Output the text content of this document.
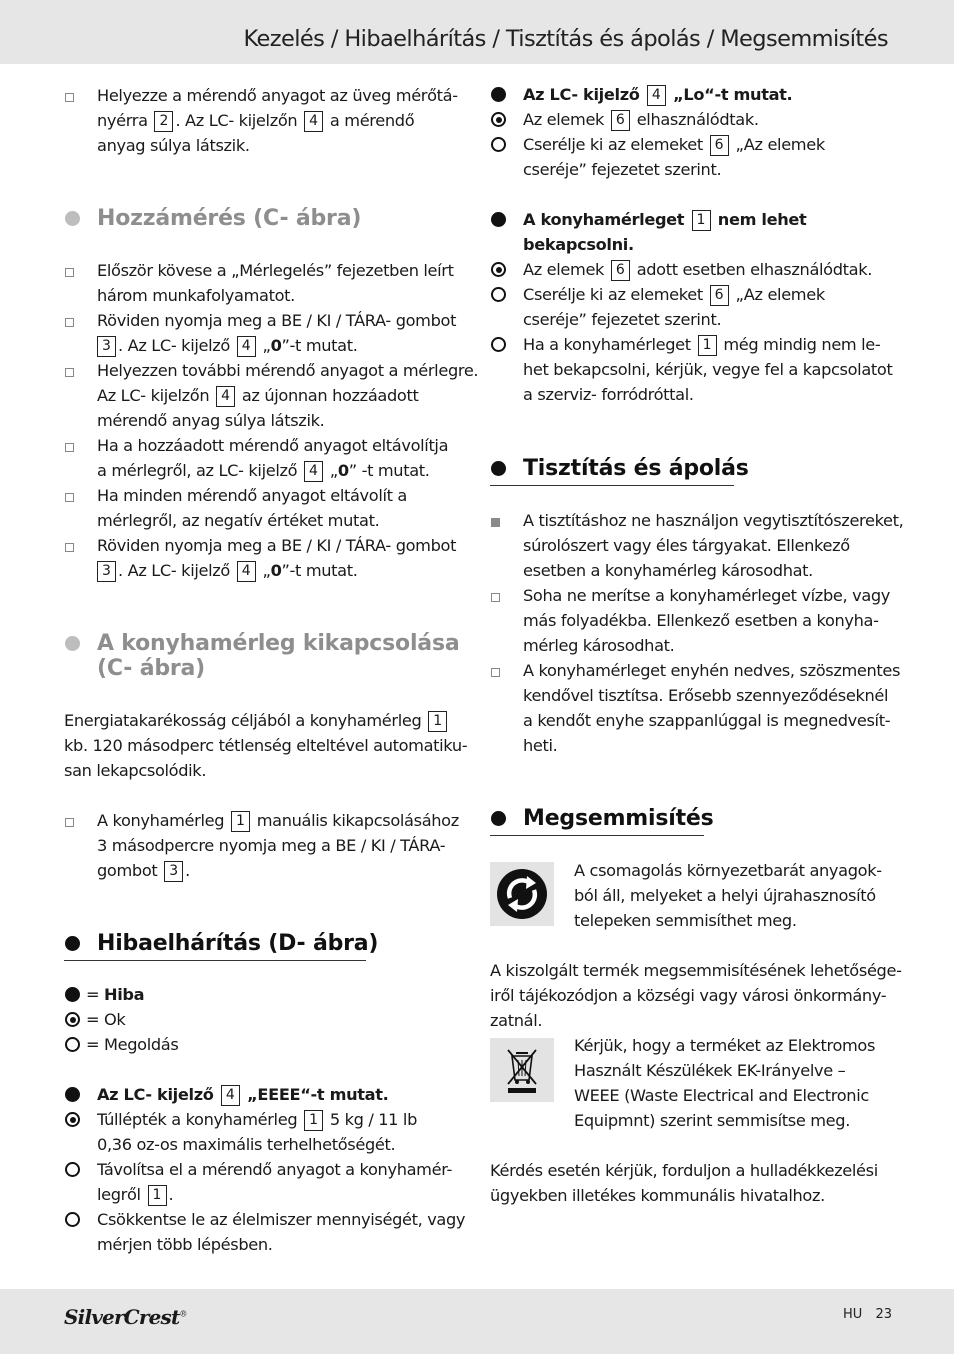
Kezelés / Hibaelhárítás / Tisztítás és ápolás / Megsemmisítés
Helyezze a mérendő anyagot az üveg mérőtá-
nyérra 2 . Az LC- kijelzőn 4 a mérendő
anyag súlya látszik.
Hozzámérés (C- ábra)
Először kövese a „Mérlegelés” fejezetben leírt
három munkafolyamatot.
Röviden nyomja meg a BE / KI / TÁRA- gombot
3 . Az LC- kijelző 4 „0”-t mutat.
Helyezzen további mérendő anyagot a mérlegre.
Az LC- kijelzőn 4 az újonnan hozzáadott
mérendő anyag súlya látszik.
Ha a hozzáadott mérendő anyagot eltávolítja
a mérlegről, az LC- kijelző 4 „0” -t mutat.
Ha minden mérendő anyagot eltávolít a
mérlegről, az negatív értéket mutat.
Röviden nyomja meg a BE / KI / TÁRA- gombot
3 . Az LC- kijelző 4 „0”-t mutat.
A konyhamérleg kikapcsolása
(C- ábra)
Energiatakarékosság céljából a konyhamérleg 1
kb. 120 másodperc tétlenség elteltével automatiku-
san lekapcsolódik.
A konyhamérleg 1 manuális kikapcsolásához
3 másodpercre nyomja meg a BE / KI / TÁRA-
gombot 3 .
Hibaelhárítás (D- ábra)
= Hiba
= Ok
= Megoldás
Az LC- kijelző 4 „EEEE“-t mutat.
Túllépték a konyhamérleg 1 5 kg / 11 lb
0,36 oz-os maximális terhelhetőségét.
Távolítsa el a mérendő anyagot a konyhamér-
legről 1 .
Csökkentse le az élelmiszer mennyiségét, vagy
mérjen több lépésben.
Az LC- kijelző 4 „Lo“-t mutat.
Az elemek 6 elhasználódtak.
Cserélje ki az elemeket 6 „Az elemek
cseréje” fejezetet szerint.
A konyhamérleget 1 nem lehet
bekapcsolni.
Az elemek 6 adott esetben elhasználódtak.
Cserélje ki az elemeket 6 „Az elemek
cseréje” fejezetet szerint.
Ha a konyhamérleget 1 még mindig nem le-
het bekapcsolni, kérjük, vegye fel a kapcsolatot
a szerviz- forródróttal.
Tisztítás és ápolás
A tisztításhoz ne használjon vegytisztítószereket,
súrolószert vagy éles tárgyakat. Ellenkező
esetben a konyhamérleg károsodhat.
Soha ne merítse a konyhamérleget vízbe, vagy
más folyadékba. Ellenkező esetben a konyha-
mérleg károsodhat.
A konyhamérleget enyhén nedves, szöszmentes
kendővel tisztítsa. Erősebb szennyeződéseknél
a kendőt enyhe szappanlúggal is megnedvesít-
heti.
Megsemmisítés
A csomagolás környezetbarát anyagok-
ból áll, melyeket a helyi újrahasznosító
telepeken semmisíthet meg.
A kiszolgált termék megsemmisítésének lehetősége-
iről tájékozódjon a községi vagy városi önkormány-
zatnál.
Kérjük, hogy a terméket az Elektromos
Használt Készülékek EK-Irányelve –
WEEE (Waste Electrical and Electronic
Equipmnt) szerint semmisítse meg.
Kérdés esetén kérjük, forduljon a hulladékkezelési
ügyekben illetékes kommunális hivatalhoz.
SilverCrest®	HU 23
